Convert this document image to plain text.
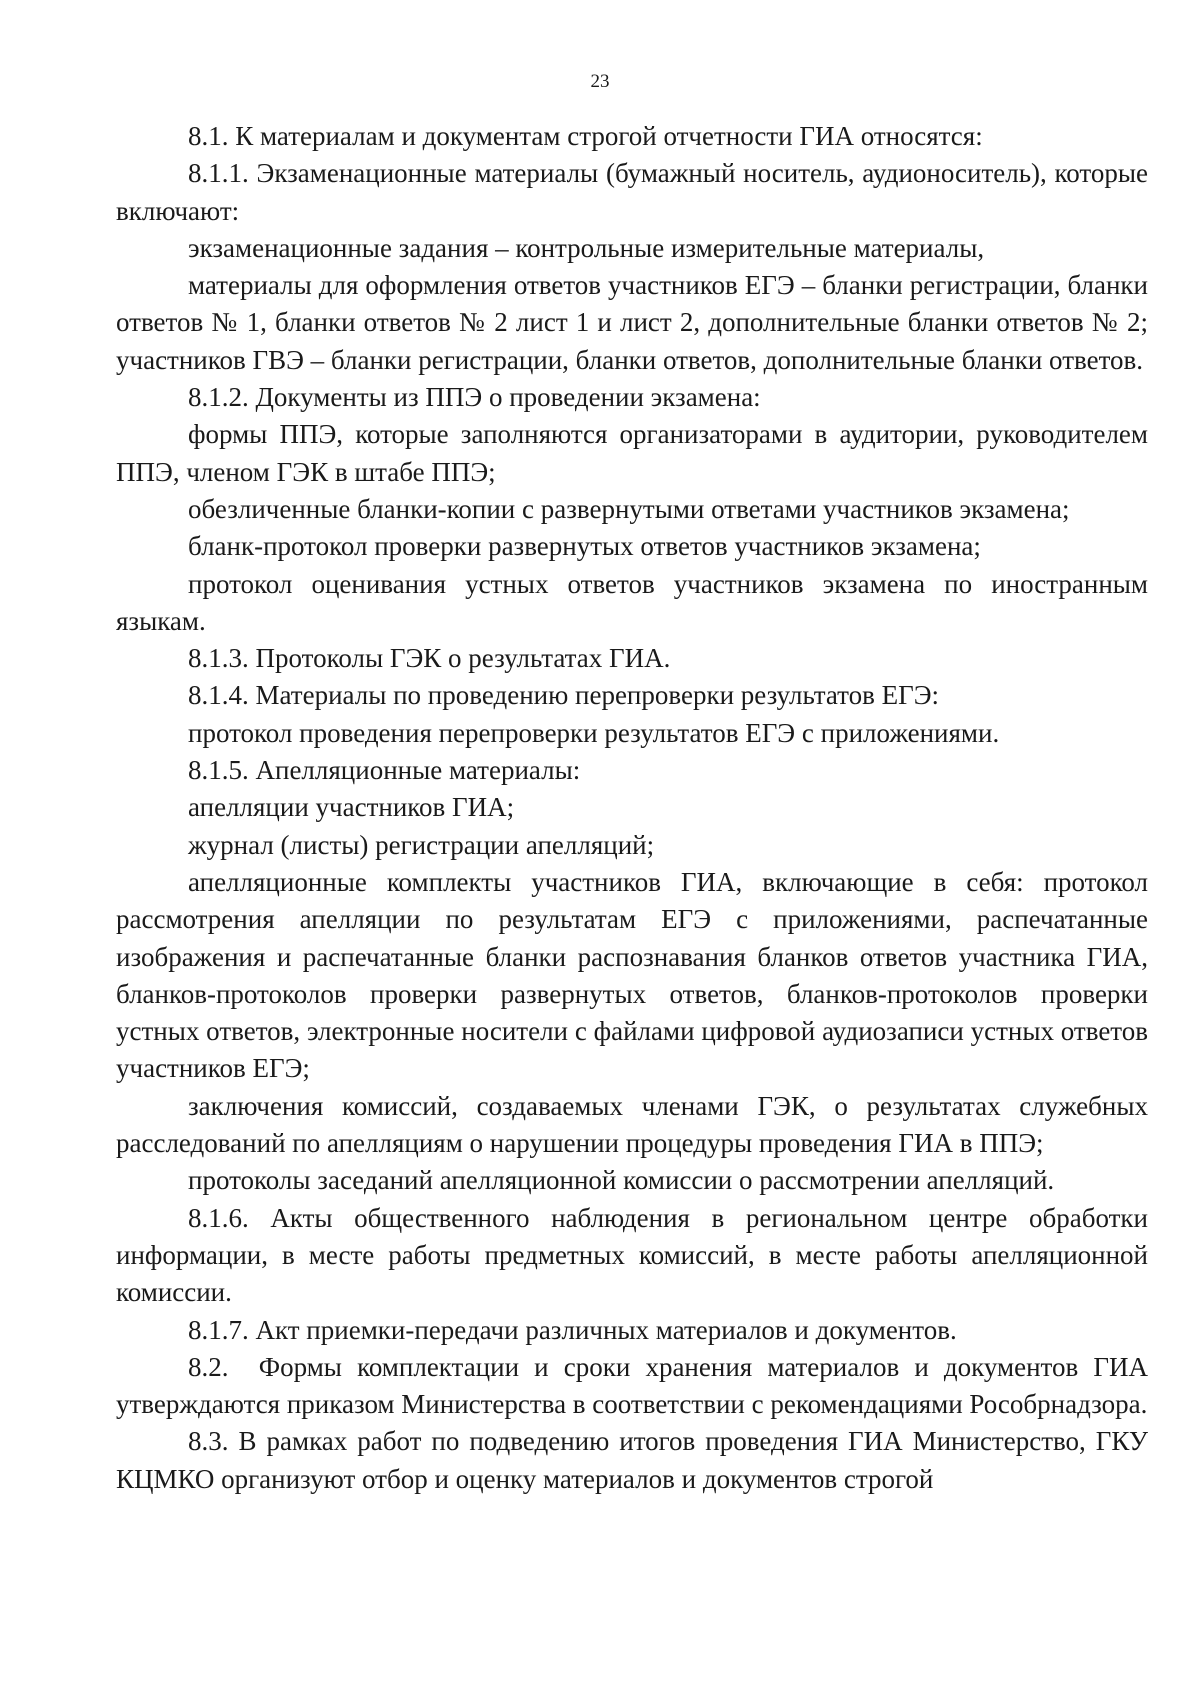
23

8.1. К материалам и документам строгой отчетности ГИА относятся:

8.1.1. Экзаменационные материалы (бумажный носитель, аудионоситель), которые включают:

экзаменационные задания – контрольные измерительные материалы,

материалы для оформления ответов участников ЕГЭ – бланки регистрации, бланки ответов № 1, бланки ответов № 2 лист 1 и лист 2, дополнительные бланки ответов № 2; участников ГВЭ – бланки регистрации, бланки ответов, дополнительные бланки ответов.

8.1.2. Документы из ППЭ о проведении экзамена:

формы ППЭ, которые заполняются организаторами в аудитории, руководителем ППЭ, членом ГЭК в штабе ППЭ;

обезличенные бланки-копии с развернутыми ответами участников экзамена;

бланк-протокол проверки развернутых ответов участников экзамена;

протокол оценивания устных ответов участников экзамена по иностранным языкам.

8.1.3. Протоколы ГЭК о результатах ГИА.

8.1.4. Материалы по проведению перепроверки результатов ЕГЭ:

протокол проведения перепроверки результатов ЕГЭ с приложениями.

8.1.5. Апелляционные материалы:

апелляции участников ГИА;

журнал (листы) регистрации апелляций;

апелляционные комплекты участников ГИА, включающие в себя: протокол рассмотрения апелляции по результатам ЕГЭ с приложениями, распечатанные изображения и распечатанные бланки распознавания бланков ответов участника ГИА, бланков-протоколов проверки развернутых ответов, бланков-протоколов проверки устных ответов, электронные носители с файлами цифровой аудиозаписи устных ответов участников ЕГЭ;

заключения комиссий, создаваемых членами ГЭК, о результатах служебных расследований по апелляциям о нарушении процедуры проведения ГИА в ППЭ;

протоколы заседаний апелляционной комиссии о рассмотрении апелляций.

8.1.6. Акты общественного наблюдения в региональном центре обработки информации, в месте работы предметных комиссий, в месте работы апелляционной комиссии.

8.1.7. Акт приемки-передачи различных материалов и документов.

8.2.  Формы комплектации и сроки хранения материалов и документов ГИА утверждаются приказом Министерства в соответствии с рекомендациями Рособрнадзора.

8.3. В рамках работ по подведению итогов проведения ГИА Министерство, ГКУ КЦМКО организуют отбор и оценку материалов и документов строгой
